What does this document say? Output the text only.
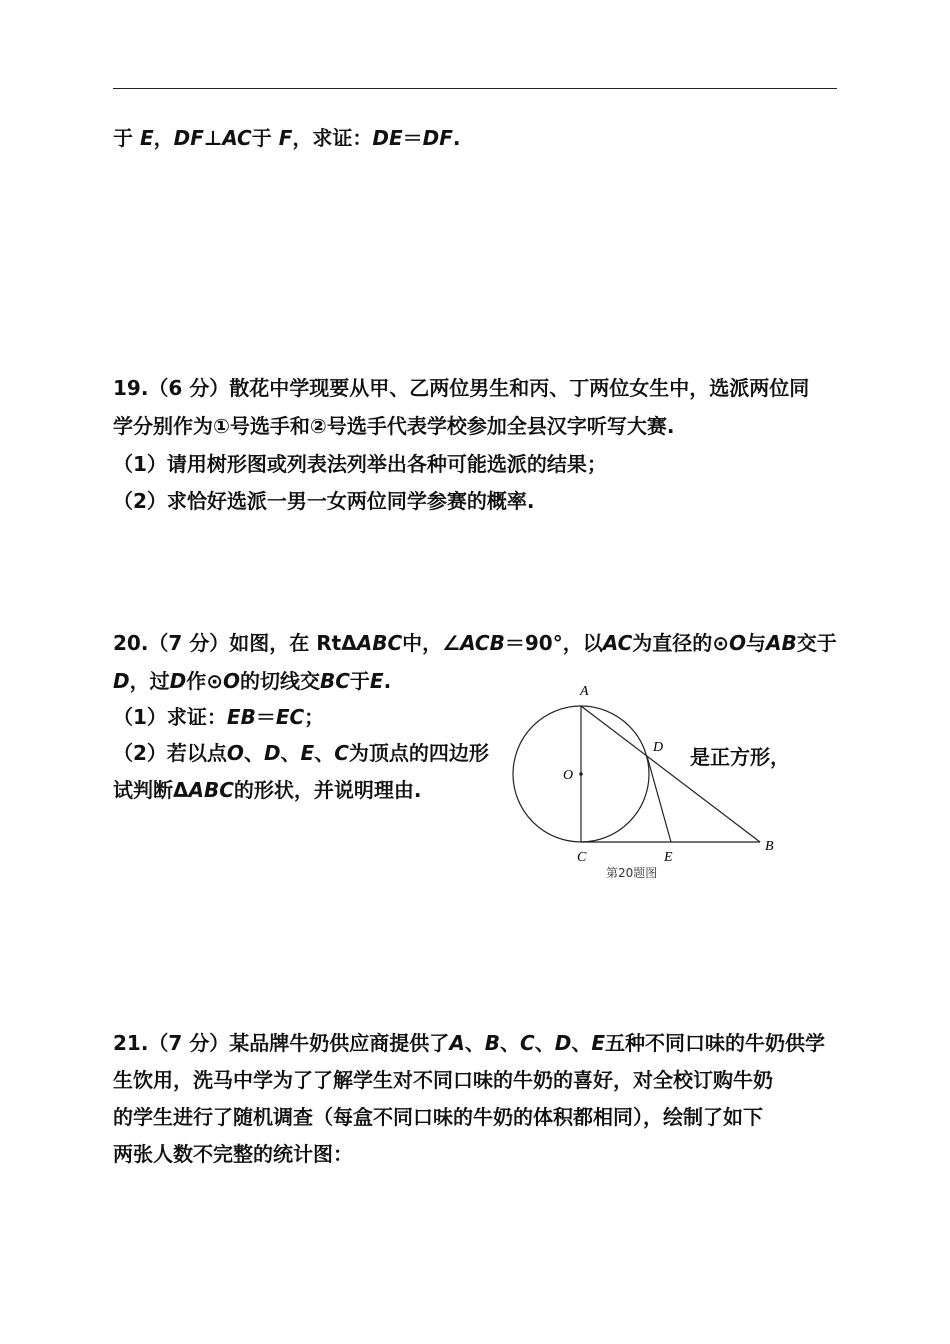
于 E，DF⊥AC于 F，求证：DE＝DF.
19.（6 分）散花中学现要从甲、乙两位男生和丙、丁两位女生中，选派两位同
学分别作为①号选手和②号选手代表学校参加全县汉字听写大赛.
（1）请用树形图或列表法列举出各种可能选派的结果；
（2）求恰好选派一男一女两位同学参赛的概率.
20.（7 分）如图，在 RtΔABC中，∠ACB＝90°，以AC为直径的⊙O与AB交于
D，过D作⊙O的切线交BC于E.
（1）求证：EB＝EC；
（2）若以点O、D、E、C为顶点的四边形	是正方形，
试判断ΔABC的形状，并说明理由.
A
D
O
C	E
B
第20题图
21.（7 分）某品牌牛奶供应商提供了A、B、C、D、E五种不同口味的牛奶供学
生饮用，洗马中学为了了解学生对不同口味的牛奶的喜好，对全校订购牛奶
的学生进行了随机调查（每盒不同口味的牛奶的体积都相同），绘制了如下
两张人数不完整的统计图：
